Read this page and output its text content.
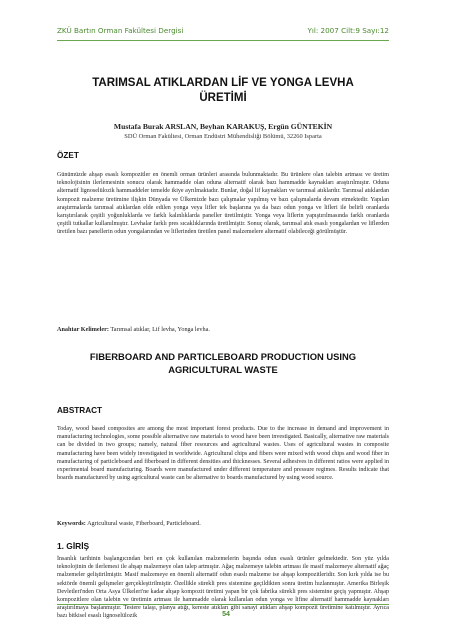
ZKÜ Bartın Orman Fakültesi Dergisi	Yıl: 2007 Cilt:9 Sayı:12
TARIMSAL ATIKLARDAN LİF VE YONGA LEVHA
ÜRETİMİ
Mustafa Burak ARSLAN, Beyhan KARAKUŞ, Ergün GÜNTEKİN
SDÜ Orman Fakültesi, Orman Endüstri Mühendisliği Bölümü, 32260 Isparta
ÖZET

Günümüzde ahşap esaslı kompozitler en önemli orman ürünleri arasında bulunmaktadır. Bu ürünlere olan talebin artması ve üretim teknolojisinin ilerlemesinin sonucu olarak hammadde olan oduna alternatif olarak bazı hammadde kaynakları araştırılmıştır. Oduna alternatif lignoselülozik hammaddeler temelde ikiye ayrılmaktadır. Bunlar, doğal lif kaynakları ve tarımsal atıklardır. Tarımsal atıklardan kompozit malzeme üretimine ilişkin Dünyada ve Ülkemizde bazı çalışmalar yapılmış ve bazı çalışmalarda devam etmektedir. Yapılan araştırmalarda tarımsal atıklardan elde edilen yonga veya lifler tek başlarına ya da bazı odun yonga ve lifleri ile belirli oranlarda karıştırılarak çeşitli yoğunluklarda ve farklı kalınlıklarda paneller üretilmiştir. Yonga veya liflerin yapıştırılmasında farklı oranlarda çeşitli tutkallar kullanılmıştır. Levhalar farklı pres sıcaklıklarında üretilmiştir. Sonuç olarak, tarımsal atık esaslı yongalardan ve liflerden üretilen bazı panellerin odun yongalarından ve liflerinden üretilen panel malzemelere alternatif olabileceği görülmüştür.

Anahtar Kelimeler: Tarımsal atıklar, Lif levha, Yonga levha.
FIBERBOARD AND PARTICLEBOARD PRODUCTION USING
AGRICULTURAL WASTE
ABSTRACT

Today, wood based composites are among the most important forest products. Due to the increase in demand and improvement in manufacturing technologies, some possible alternative raw materials to wood have been investigated. Basically, alternative raw materials can be divided in two groups; namely, natural fiber resources and agricultural wastes. Uses of agricultural wastes in composite manufacturing have been widely investigated in worldwide. Agricultural chips and fibers were mixed with wood chips and wood fiber in manufacturing of particleboard and fiberboard in different densities and thicknesses. Several adhesives in different ratios were applied in experimental board manufacturing. Boards were manufactured under different temperature and pressure regimes. Results indicate that boards manufactured by using agricultural waste can be alternative to boards manufactured by using wood source.

Keywords: Agricultural waste, Fiberboard, Particleboard.
1. GİRİŞ

İnsanlık tarihinin başlangıcından beri en çok kullanılan malzemelerin başında odun esaslı ürünler gelmektedir. Son yüz yılda teknolojinin de ilerlemesi ile ahşap malzemeye olan talep artmıştır. Ağaç malzemeye talebin artması ile masif malzemeye alternatif ağaç malzemeler geliştirilmiştir. Masif malzemeye en önemli alternatif odun esaslı malzeme ise ahşap kompozitleridir. Son kırk yılda ise bu sektörde önemli gelişmeler gerçekleştirilmiştir. Özellikle sürekli pres sistemine geçildikten sonra üretim hızlanmıştır. Amerika Birleşik Devletleri'nden Orta Asya Ülkeleri'ne kadar ahşap kompozit üretimi yapan bir çok fabrika sürekli pres sistemine geçiş yapmıştır. Ahşap kompozitlere olan talebin ve üretimin artması ile hammadde olarak kullanılan odun yonga ve lifine alternatif hammadde kaynakları araştırılmaya başlanmıştır. Testere talaşı, planya atığı, kereste atıkları gibi sanayi atıkları ahşap kompozit üretimine katılmıştır. Ayrıca bazı bitkisel esaslı lignoselülozik	54
